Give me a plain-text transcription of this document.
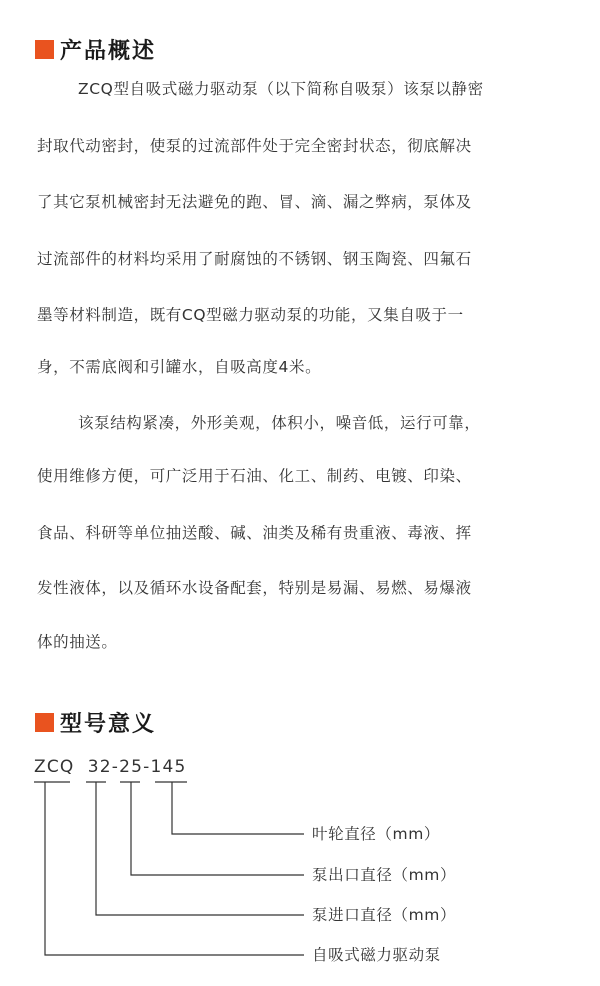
产品概述
ZCQ型自吸式磁力驱动泵（以下简称自吸泵）该泵以静密
封取代动密封，使泵的过流部件处于完全密封状态，彻底解决
了其它泵机械密封无法避免的跑、冒、滴、漏之弊病，泵体及
过流部件的材料均采用了耐腐蚀的不锈钢、钢玉陶瓷、四氟石
墨等材料制造，既有CQ型磁力驱动泵的功能，又集自吸于一
身，不需底阀和引罐水，自吸高度4米。
该泵结构紧凑，外形美观，体积小，噪音低，运行可靠，
使用维修方便，可广泛用于石油、化工、制药、电镀、印染、
食品、科研等单位抽送酸、碱、油类及稀有贵重液、毒液、挥
发性液体，以及循环水设备配套，特别是易漏、易燃、易爆液
体的抽送。
型号意义
ZCQ 32-25-145
叶轮直径（mm）
泵出口直径（mm）
泵进口直径（mm）
自吸式磁力驱动泵
